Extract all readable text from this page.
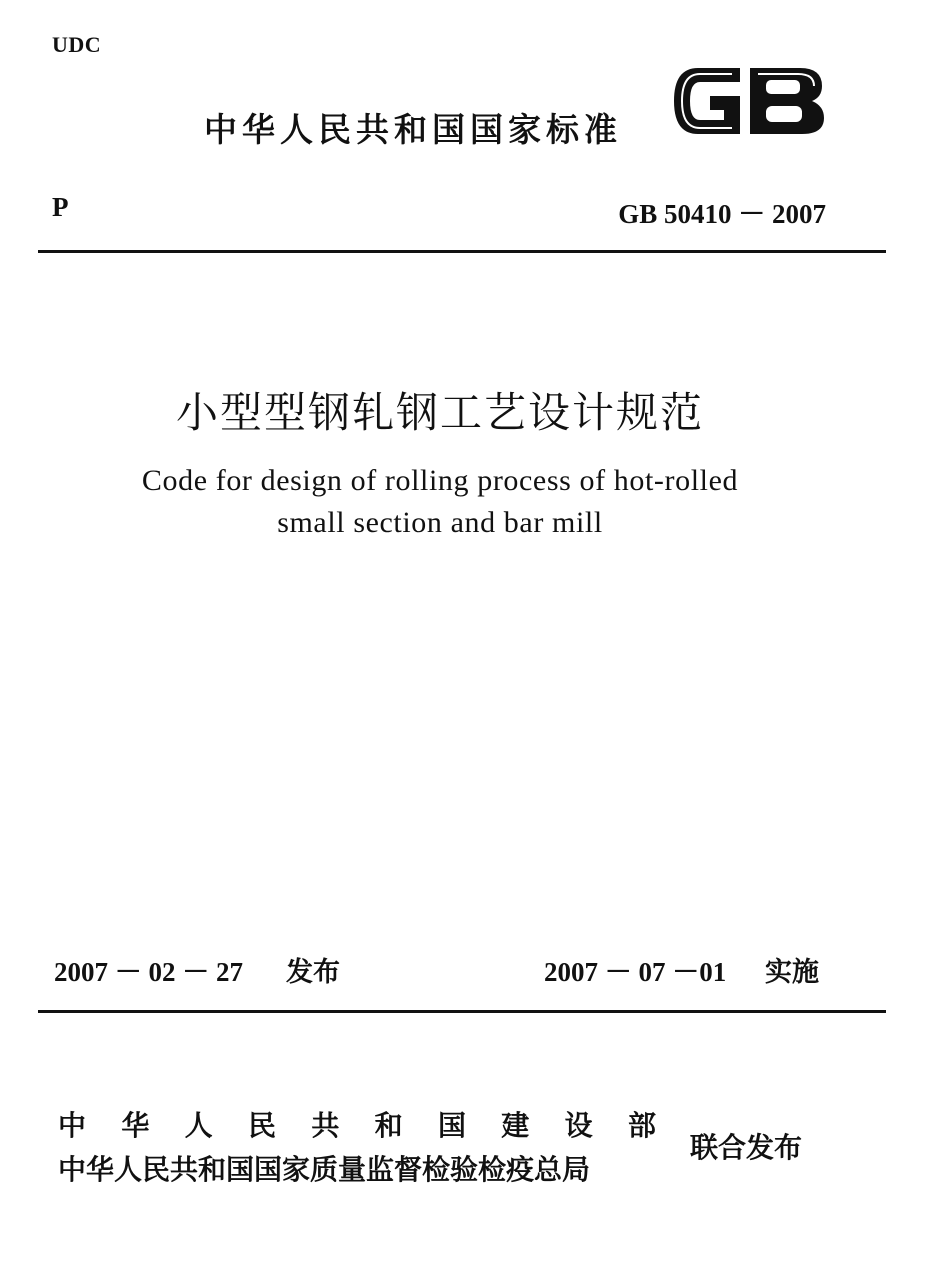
UDC
中华人民共和国国家标准
P	GB 50410 － 2007
小型型钢轧钢工艺设计规范
Code for design of rolling process of hot-rolled
small section and bar mill
2007 － 02 － 27 发布	2007 － 07 －01 实施
中 华 人 民 共 和 国 建 设 部
中华人民共和国国家质量监督检验检疫总局
联合发布
